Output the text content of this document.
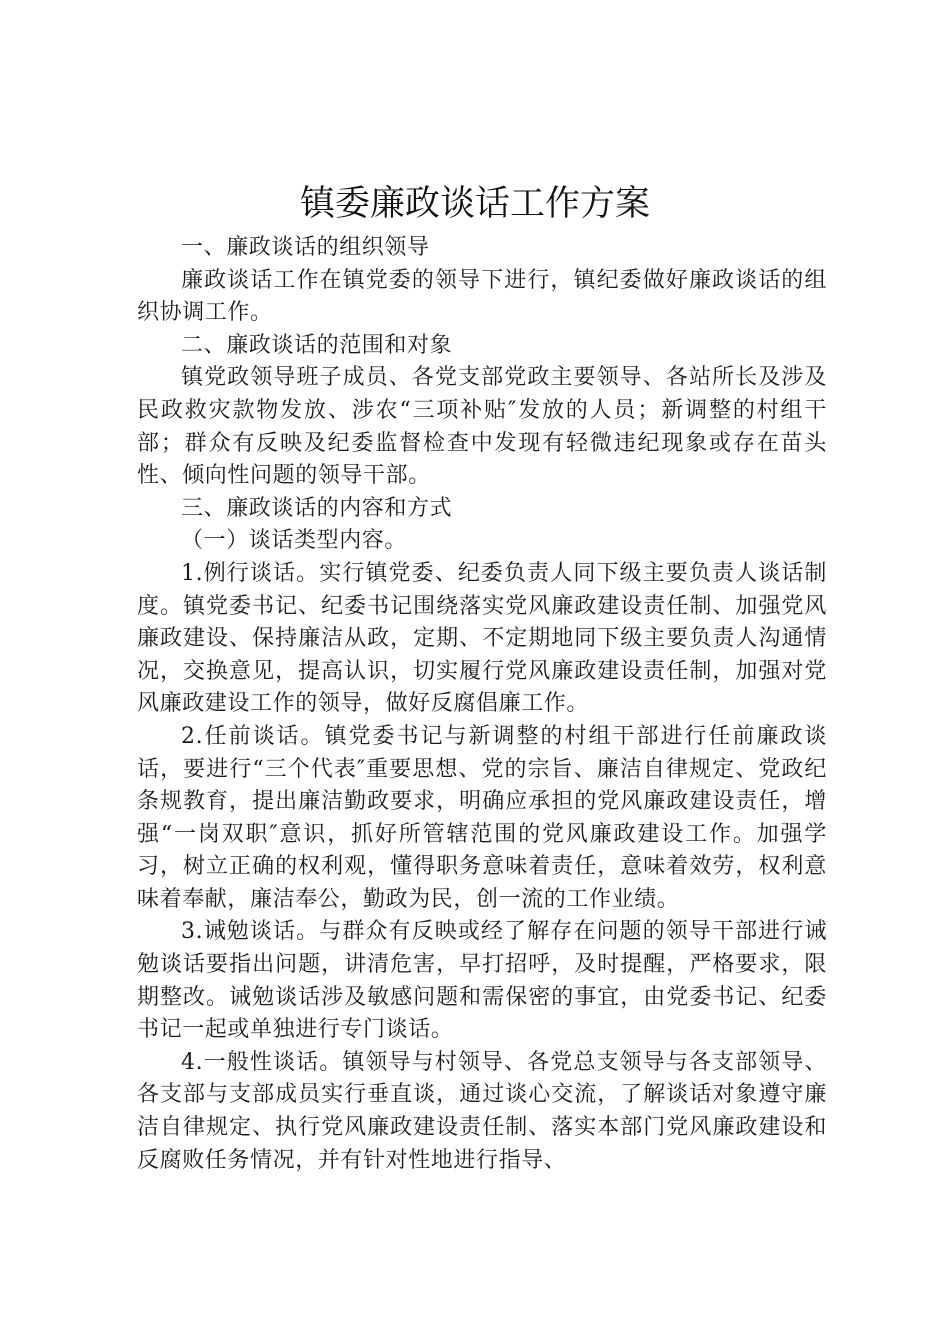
镇委廉政谈话工作方案

一、廉政谈话的组织领导

廉政谈话工作在镇党委的领导下进行，镇纪委做好廉政谈话的组织协调工作。

二、廉政谈话的范围和对象

镇党政领导班子成员、各党支部党政主要领导、各站所长及涉及民政救灾款物发放、涉农“三项补贴″发放的人员；新调整的村组干部；群众有反映及纪委监督检查中发现有轻微违纪现象或存在苗头性、倾向性问题的领导干部。

三、廉政谈话的内容和方式

（一）谈话类型内容。

1.例行谈话。实行镇党委、纪委负责人同下级主要负责人谈话制度。镇党委书记、纪委书记围绕落实党风廉政建设责任制、加强党风廉政建设、保持廉洁从政，定期、不定期地同下级主要负责人沟通情况，交换意见，提高认识，切实履行党风廉政建设责任制，加强对党风廉政建设工作的领导，做好反腐倡廉工作。

2.任前谈话。镇党委书记与新调整的村组干部进行任前廉政谈话，要进行“三个代表″重要思想、党的宗旨、廉洁自律规定、党政纪条规教育，提出廉洁勤政要求，明确应承担的党风廉政建设责任，增强“一岗双职″意识，抓好所管辖范围的党风廉政建设工作。加强学习，树立正确的权利观，懂得职务意味着责任，意味着效劳，权利意味着奉献，廉洁奉公，勤政为民，创一流的工作业绩。

3.诫勉谈话。与群众有反映或经了解存在问题的领导干部进行诫勉谈话要指出问题，讲清危害，早打招呼，及时提醒，严格要求，限期整改。诫勉谈话涉及敏感问题和需保密的事宜，由党委书记、纪委书记一起或单独进行专门谈话。

4.一般性谈话。镇领导与村领导、各党总支领导与各支部领导、各支部与支部成员实行垂直谈，通过谈心交流，了解谈话对象遵守廉洁自律规定、执行党风廉政建设责任制、落实本部门党风廉政建设和反腐败任务情况，并有针对性地进行指导、
